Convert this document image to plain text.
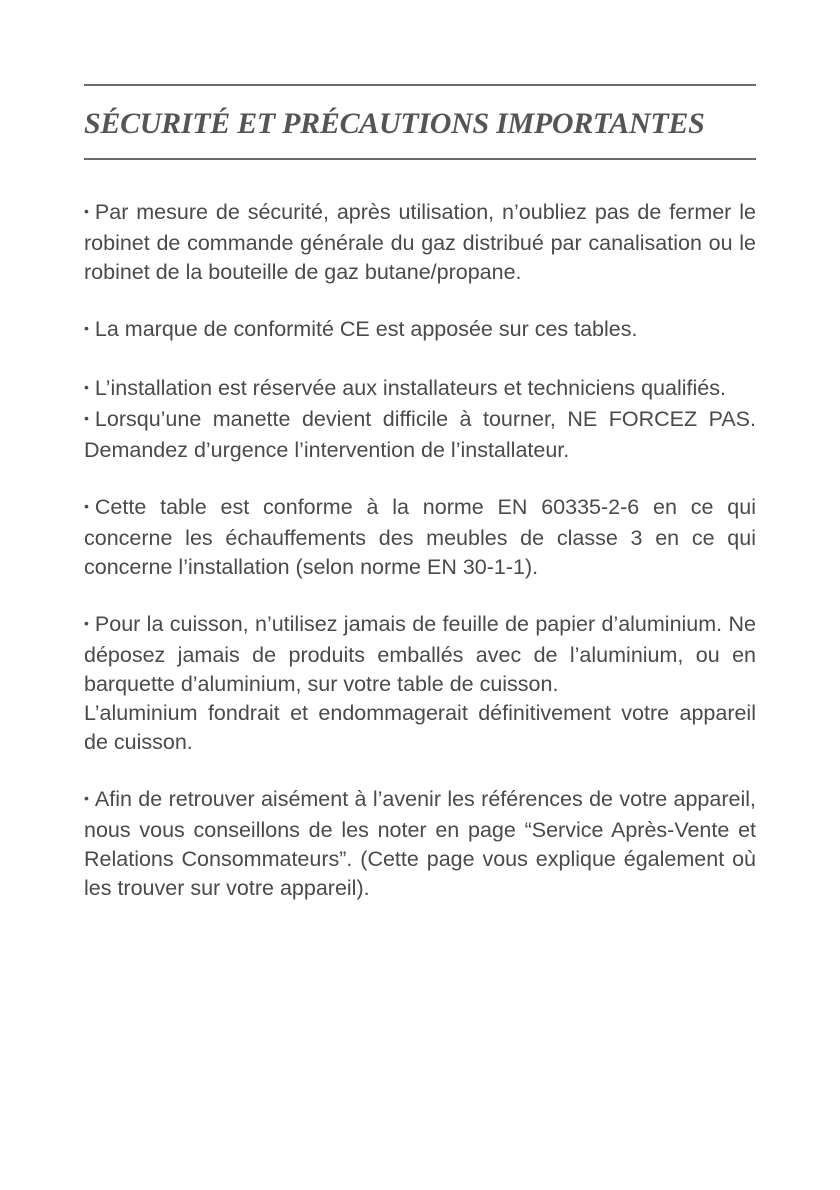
SÉCURITÉ ET PRÉCAUTIONS IMPORTANTES

• Par mesure de sécurité, après utilisation, n’oubliez pas de fermer le robinet de commande générale du gaz distribué par canalisation ou le robinet de la bouteille de gaz butane/propane.

• La marque de conformité CE est apposée sur ces tables.

• L’installation est réservée aux installateurs et techniciens qualifiés.

• Lorsqu’une manette devient difficile à tourner, NE FORCEZ PAS. Demandez d’urgence l’intervention de l’installateur.

• Cette table est conforme à la norme EN 60335-2-6 en ce qui concerne les échauffements des meubles de classe 3 en ce qui concerne l’installation (selon norme EN 30-1-1).

• Pour la cuisson, n’utilisez jamais de feuille de papier d’aluminium. Ne déposez jamais de produits emballés avec de l’aluminium, ou en barquette d’aluminium, sur votre table de cuisson.

L’aluminium fondrait et endommagerait définitivement votre appareil de cuisson.

• Afin de retrouver aisément à l’avenir les références de votre appareil, nous vous conseillons de les noter en page “Service Après-Vente et Relations Consommateurs”. (Cette page vous explique également où les trouver sur votre appareil).
